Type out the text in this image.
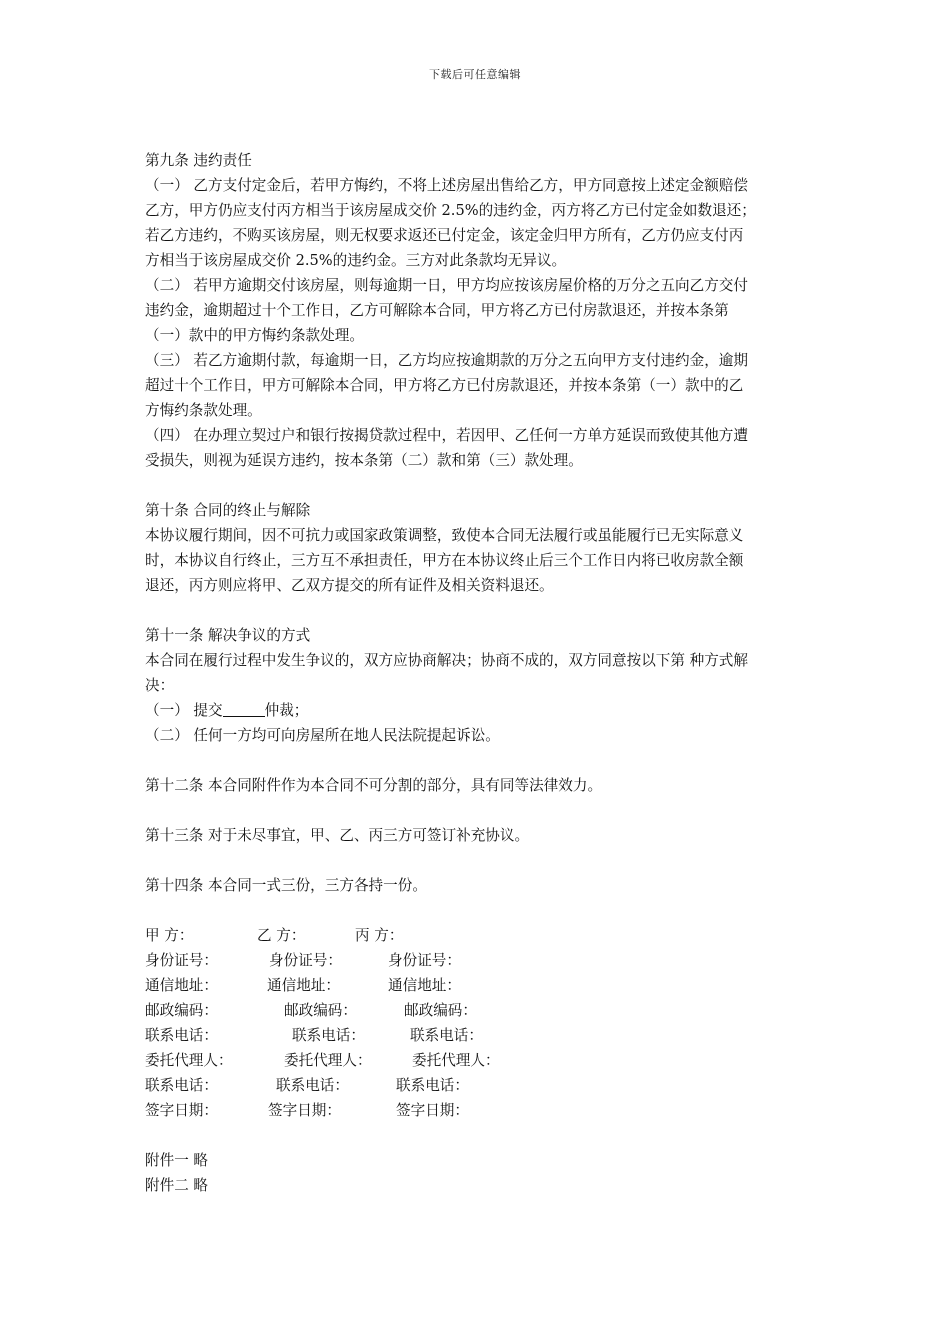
下载后可任意编辑

第九条 违约责任

（一） 乙方支付定金后，若甲方悔约，不将上述房屋出售给乙方，甲方同意按上述定金额赔偿

乙方，甲方仍应支付丙方相当于该房屋成交价 2.5%的违约金，丙方将乙方已付定金如数退还；

若乙方违约，不购买该房屋，则无权要求返还已付定金，该定金归甲方所有，乙方仍应支付丙

方相当于该房屋成交价 2.5%的违约金。三方对此条款均无异议。

（二） 若甲方逾期交付该房屋，则每逾期一日，甲方均应按该房屋价格的万分之五向乙方交付

违约金，逾期超过十个工作日，乙方可解除本合同，甲方将乙方已付房款退还，并按本条第

（一）款中的甲方悔约条款处理。

（三） 若乙方逾期付款，每逾期一日，乙方均应按逾期款的万分之五向甲方支付违约金，逾期

超过十个工作日，甲方可解除本合同，甲方将乙方已付房款退还，并按本条第（一）款中的乙

方悔约条款处理。

（四） 在办理立契过户和银行按揭贷款过程中，若因甲、乙任何一方单方延误而致使其他方遭

受损失，则视为延误方违约，按本条第（二）款和第（三）款处理。

第十条 合同的终止与解除

本协议履行期间，因不可抗力或国家政策调整，致使本合同无法履行或虽能履行已无实际意义

时，本协议自行终止，三方互不承担责任，甲方在本协议终止后三个工作日内将已收房款全额

退还，丙方则应将甲、乙双方提交的所有证件及相关资料退还。

第十一条 解决争议的方式

本合同在履行过程中发生争议的，双方应协商解决；协商不成的，双方同意按以下第 种方式解

决：

（一） 提交	仲裁；

（二） 任何一方均可向房屋所在地人民法院提起诉讼。

第十二条 本合同附件作为本合同不可分割的部分，具有同等法律效力。

第十三条 对于未尽事宜，甲、乙、丙三方可签订补充协议。

第十四条 本合同一式三份，三方各持一份。

甲 方：	乙 方：	丙 方：
身份证号：	身份证号：	身份证号：
通信地址：	通信地址：	通信地址：
邮政编码：	邮政编码：	邮政编码：
联系电话：	联系电话：	联系电话：
委托代理人：	委托代理人：	委托代理人：
联系电话：	联系电话：	联系电话：
签字日期：	签字日期：	签字日期：

附件一 略

附件二 略
